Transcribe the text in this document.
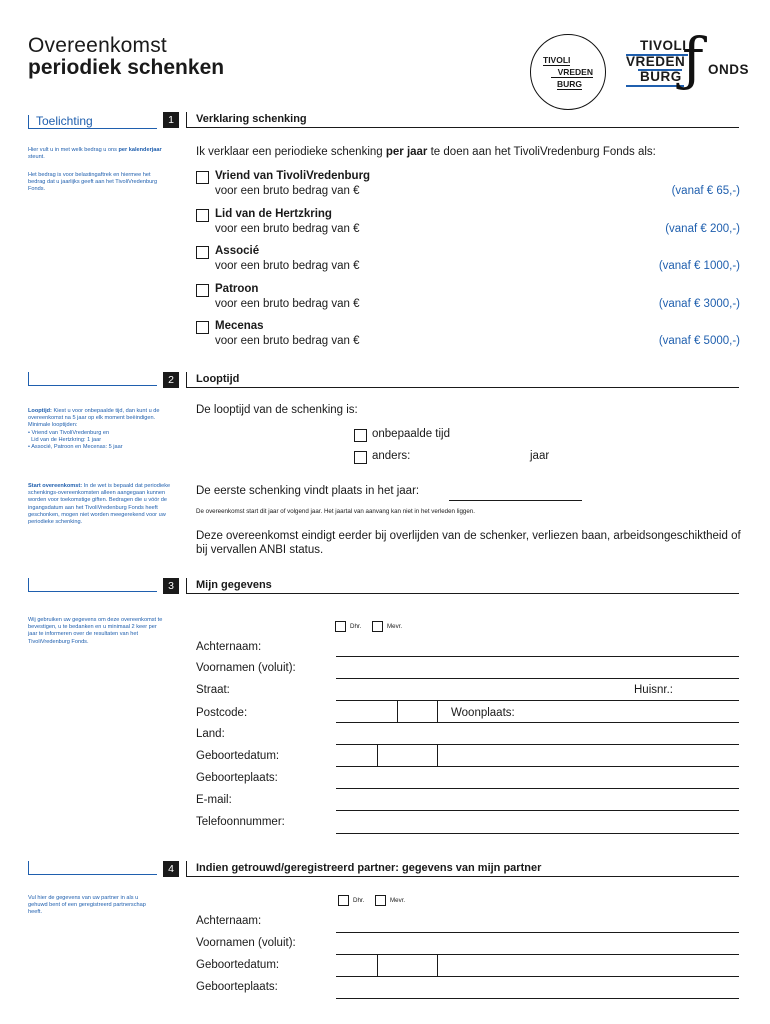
Overeenkomst
periodiek schenken	TIVOLI
VREDEN
BURG
TIVOLI
VREDEN
BURG ƒ ONDS
Toelichting
Hier vult u in met welk bedrag u ons per kalenderjaar steunt.
Het bedrag is voor belastingaftrek en hiermee het bedrag dat u jaarlijks geeft aan het TivoliVredenburg Fonds.
1	Verklaring schenking
Ik verklaar een periodieke schenking per jaar te doen aan het TivoliVredenburg Fonds als:
Vriend van TivoliVredenburg
voor een bruto bedrag van €	(vanaf € 65,-)
Lid van de Hertzkring
voor een bruto bedrag van €	(vanaf € 200,-)
Associé
voor een bruto bedrag van €	(vanaf € 1000,-)
Patroon
voor een bruto bedrag van €	(vanaf € 3000,-)
Mecenas
voor een bruto bedrag van €	(vanaf € 5000,-)
Looptijd: Kiest u voor onbepaalde tijd, dan kunt u de overeenkomst na 5 jaar op elk moment beëindigen.
Minimale looptijden:
• Vriend van TivoliVredenburg en
Lid van de Hertzkring: 1 jaar
• Associé, Patroon en Mecenas: 5 jaar
Start overeenkomst: In de wet is bepaald dat periodieke schenkings-overeenkomsten alleen aangegaan kunnen worden voor toekomstige giften. Bedragen die u vóór de ingangsdatum aan het TivoliVredenburg Fonds heeft geschonken, mogen niet worden meegerekend voor uw periodieke schenking.
2	Looptijd
De looptijd van de schenking is:
onbepaalde tijd
anders:	jaar
De eerste schenking vindt plaats in het jaar:
De overeenkomst start dit jaar of volgend jaar. Het jaartal van aanvang kan niet in het verleden liggen.
Deze overeenkomst eindigt eerder bij overlijden van de schenker, verliezen baan, arbeidsongeschiktheid of bij vervallen ANBI status.
Wij gebruiken uw gegevens om deze overeenkomst te bevestigen, u te bedanken en u minimaal 2 keer per jaar te informeren over de resultaten van het TivoliVredenburg Fonds.
3	Mijn gegevens
Dhr.	Mevr.
Achternaam:
Voornamen (voluit):
Straat:	Huisnr.:
Postcode:	Woonplaats:
Land:
Geboortedatum:
Geboorteplaats:
E-mail:
Telefoonnummer:
Vul hier de gegevens van uw partner in als u gehuwd bent of een geregistreerd partnerschap heeft.
4	Indien getrouwd/geregistreerd partner: gegevens van mijn partner
Dhr.	Mevr.
Achternaam:
Voornamen (voluit):
Geboortedatum:
Geboorteplaats:
